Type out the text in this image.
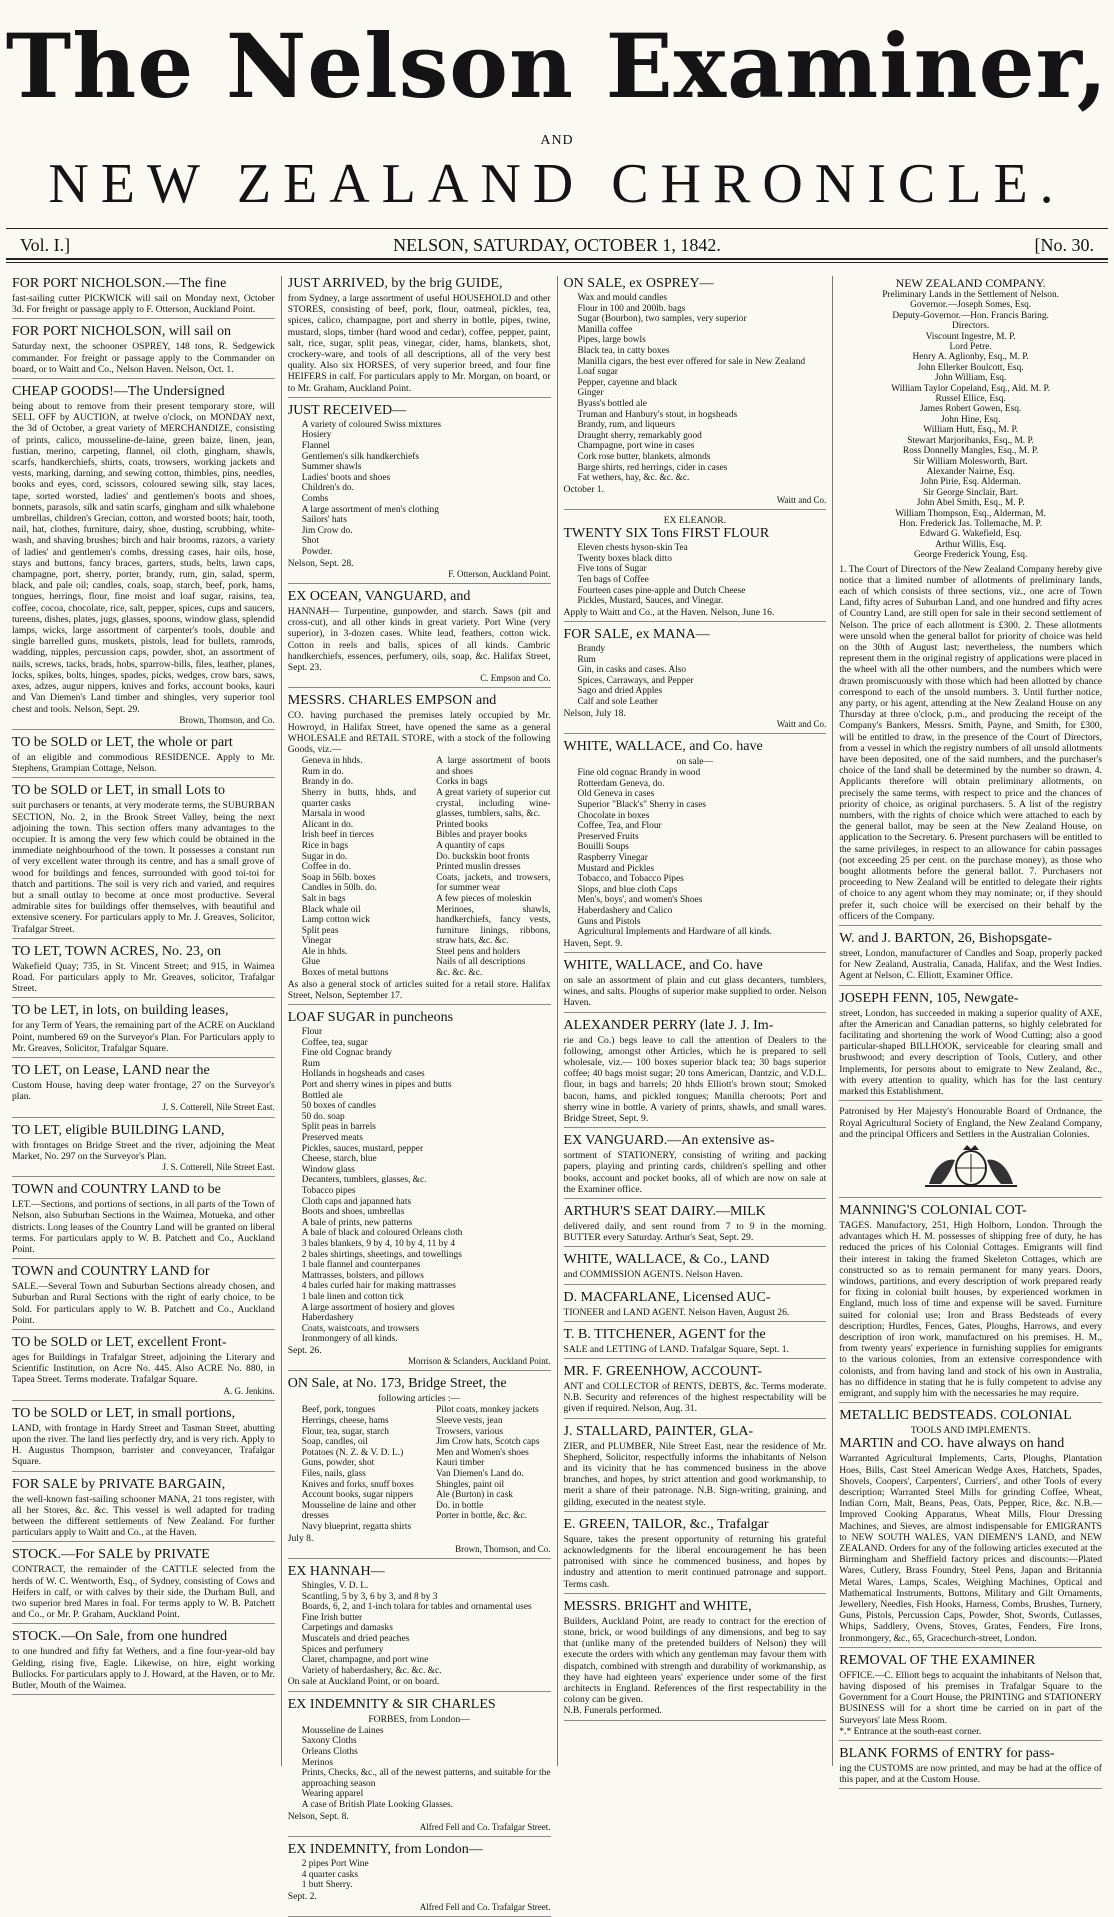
The Nelson Examiner,
AND
NEW ZEALAND CHRONICLE.
Vol. I.]	NELSON, SATURDAY, OCTOBER 1, 1842.	[No. 30.
FOR PORT NICHOLSON.—The fine

fast-sailing cutter PICKWICK will sail on Monday next, October 3d. For freight or passage apply to F. Otterson, Auckland Point.

FOR PORT NICHOLSON, will sail on

Saturday next, the schooner OSPREY, 148 tons, R. Sedgewick commander. For freight or passage apply to the Commander on board, or to Waitt and Co., Nelson Haven. Nelson, Oct. 1.

CHEAP GOODS!—The Undersigned

being about to remove from their present temporary store, will SELL OFF by AUCTION, at twelve o'clock, on MONDAY next, the 3d of October, a great variety of MERCHANDIZE, consisting of prints, calico, mousseline-de-laine, green baize, linen, jean, fustian, merino, carpeting, flannel, oil cloth, gingham, shawls, scarfs, handkerchiefs, shirts, coats, trowsers, working jackets and vests, marking, darning, and sewing cotton, thimbles, pins, needles, books and eyes, cord, scissors, coloured sewing silk, stay laces, tape, sorted worsted, ladies' and gentlemen's boots and shoes, bonnets, parasols, silk and satin scarfs, gingham and silk whalebone umbrellas, children's Grecian, cotton, and worsted boots; hair, tooth, nail, hat, clothes, furniture, dairy, shoe, dusting, scrubbing, white-wash, and shaving brushes; birch and hair brooms, razors, a variety of ladies' and gentlemen's combs, dressing cases, hair oils, hose, stays and buttons, fancy braces, garters, studs, belts, lawn caps, champagne, port, sherry, porter, brandy, rum, gin, salad, sperm, black, and pale oil; candles, coals, soap, starch, beef, pork, hams, tongues, herrings, flour, fine moist and loaf sugar, raisins, tea, coffee, cocoa, chocolate, rice, salt, pepper, spices, cups and saucers, tureens, dishes, plates, jugs, glasses, spoons, window glass, splendid lamps, wicks, large assortment of carpenter's tools, double and single barrelled guns, muskets, pistols, lead for bullets, ramrods, wadding, nipples, percussion caps, powder, shot, an assortment of nails, screws, tacks, brads, hobs, sparrow-bills, files, leather, planes, locks, spikes, bolts, hinges, spades, picks, wedges, crow bars, saws, axes, adzes, augur nippers, knives and forks, account books, kauri and Van Diemen's Land timber and shingles, very superior tool chest and tools. Nelson, Sept. 29.

Brown, Thomson, and Co.

TO be SOLD or LET, the whole or part

of an eligible and commodious RESIDENCE. Apply to Mr. Stephens, Grampian Cottage, Nelson.

TO be SOLD or LET, in small Lots to

suit purchasers or tenants, at very moderate terms, the SUBURBAN SECTION, No. 2, in the Brook Street Valley, being the next adjoining the town. This section offers many advantages to the occupier. It is among the very few which could be obtained in the immediate neighbourhood of the town. It possesses a constant run of very excellent water through its centre, and has a small grove of wood for buildings and fences, surrounded with good toi-toi for thatch and partitions. The soil is very rich and varied, and requires but a small outlay to become at once most productive. Several admirable sites for buildings offer themselves, with beautiful and extensive scenery. For particulars apply to Mr. J. Greaves, Solicitor, Trafalgar Street.

TO LET, TOWN ACRES, No. 23, on

Wakefield Quay; 735, in St. Vincent Street; and 915, in Waimea Road. For particulars apply to Mr. Greaves, solicitor, Trafalgar Street.

TO be LET, in lots, on building leases,

for any Term of Years, the remaining part of the ACRE on Auckland Point, numbered 69 on the Surveyor's Plan. For Particulars apply to Mr. Greaves, Solicitor, Trafalgar Square.

TO LET, on Lease, LAND near the

Custom House, having deep water frontage, 27 on the Surveyor's plan.

J. S. Cotterell, Nile Street East.

TO LET, eligible BUILDING LAND,

with frontages on Bridge Street and the river, adjoining the Meat Market, No. 297 on the Surveyor's Plan.

J. S. Cotterell, Nile Street East.

TOWN and COUNTRY LAND to be

LET.—Sections, and portions of sections, in all parts of the Town of Nelson, also Suburban Sections in the Waimea, Motueka, and other districts. Long leases of the Country Land will be granted on liberal terms. For particulars apply to W. B. Patchett and Co., Auckland Point.

TOWN and COUNTRY LAND for

SALE.—Several Town and Suburban Sections already chosen, and Suburban and Rural Sections with the right of early choice, to be Sold. For particulars apply to W. B. Patchett and Co., Auckland Point.

TO be SOLD or LET, excellent Front-

ages for Buildings in Trafalgar Street, adjoining the Literary and Scientific Institution, on Acre No. 445. Also ACRE No. 880, in Tapea Street. Terms moderate. Trafalgar Square.

A. G. Jenkins.

TO be SOLD or LET, in small portions,

LAND, with frontage in Hardy Street and Tasman Street, abutting upon the river. The land lies perfectly dry, and is very rich. Apply to H. Augustus Thompson, barrister and conveyancer, Trafalgar Square.

FOR SALE by PRIVATE BARGAIN,

the well-known fast-sailing schooner MANA, 21 tons register, with all her Stores, &c. &c. This vessel is well adapted for trading between the different settlements of New Zealand. For further particulars apply to Waitt and Co., at the Haven.

STOCK.—For SALE by PRIVATE

CONTRACT, the remainder of the CATTLE selected from the herds of W. C. Wentworth, Esq., of Sydney, consisting of Cows and Heifers in calf, or with calves by their side, the Durham Bull, and two superior bred Mares in foal. For terms apply to W. B. Patchett and Co., or Mr. P. Graham, Auckland Point.

STOCK.—On Sale, from one hundred

to one hundred and fifty fat Wethers, and a fine four-year-old bay Gelding, rising five, Eagle. Likewise, on hire, eight working Bullocks. For particulars apply to J. Howard, at the Haven, or to Mr. Butler, Mouth of the Waimea.

JUST ARRIVED, by the brig GUIDE,

from Sydney, a large assortment of useful HOUSEHOLD and other STORES, consisting of beef, pork, flour, oatmeal, pickles, tea, spices, calico, champagne, port and sherry in bottle, pipes, twine, mustard, slops, timber (hard wood and cedar), coffee, pepper, paint, salt, rice, sugar, split peas, vinegar, cider, hams, blankets, shot, crockery-ware, and tools of all descriptions, all of the very best quality. Also six HORSES, of very superior breed, and four fine HEIFERS in calf. For particulars apply to Mr. Morgan, on board, or to Mr. Graham, Auckland Point.

JUST RECEIVED—
A variety of coloured Swiss mixtures
Hosiery
Flannel
Gentlemen's silk handkerchiefs
Summer shawls
Ladies' boots and shoes
Children's do.
Combs
A large assortment of men's clothing
Sailors' hats
Jim Crow do.
Shot
Powder.

Nelson, Sept. 28.

F. Otterson, Auckland Point.

EX OCEAN, VANGUARD, and

HANNAH— Turpentine, gunpowder, and starch. Saws (pit and cross-cut), and all other kinds in great variety. Port Wine (very superior), in 3-dozen cases. White lead, feathers, cotton wick. Cotton in reels and balls, spices of all kinds. Cambric handkerchiefs, essences, perfumery, oils, soap, &c. Halifax Street, Sept. 23.

C. Empson and Co.

MESSRS. CHARLES EMPSON and

CO. having purchased the premises lately occupied by Mr. Howroyd, in Halifax Street, have opened the same as a general WHOLESALE and RETAIL STORE, with a stock of the following Goods, viz.—

Geneva in hhds.
Rum in do.
Brandy in do.
Sherry in butts, hhds, and quarter casks
Marsala in wood
Alicant in do.
Irish beef in tierces
Rice in bags
Sugar in do.
Coffee in do.
Soap in 56lb. boxes
Candles in 50lb. do.
Salt in bags
Black whale oil
Lamp cotton wick
Split peas
Vinegar
Ale in hhds.
Glue
Boxes of metal buttons
A large assortment of boots and shoes
Corks in bags
A great variety of superior cut crystal, including wine-glasses, tumblers, salts, &c.
Printed books
Bibles and prayer books
A quantity of caps
Do. buckskin boot fronts
Printed muslin dresses
Coats, jackets, and trowsers, for summer wear
A few pieces of moleskin
Merinoes, shawls, handkerchiefs, fancy vests, furniture linings, ribbons, straw hats, &c. &c.
Steel pens and holders
Nails of all descriptions
&c. &c. &c.

As also a general stock of articles suited for a retail store. Halifax Street, Nelson, September 17.

LOAF SUGAR in puncheons
Flour
Coffee, tea, sugar
Fine old Cognac brandy
Rum
Hollands in hogsheads and cases
Port and sherry wines in pipes and butts
Bottled ale
50 boxes of candles
50 do. soap
Split peas in barrels
Preserved meats
Pickles, sauces, mustard, pepper
Cheese, starch, blue
Window glass
Decanters, tumblers, glasses, &c.
Tobacco pipes
Cloth caps and japanned hats
Boots and shoes, umbrellas
A bale of prints, new patterns
A bale of black and coloured Orleans cloth
3 bales blankets, 9 by 4, 10 by 4, 11 by 4
2 bales shirtings, sheetings, and towellings
1 bale flannel and counterpanes
Mattrasses, bolsters, and pillows
4 bales curled hair for making mattrasses
1 bale linen and cotton tick
A large assortment of hosiery and gloves
Haberdashery
Coats, waistcoats, and trowsers
Ironmongery of all kinds.

Sept. 26.

Morrison & Sclanders, Auckland Point.

ON Sale, at No. 173, Bridge Street, the
following articles :—
Beef, pork, tongues
Herrings, cheese, hams
Flour, tea, sugar, starch
Soap, candles, oil
Potatoes (N. Z. & V. D. L.)
Guns, powder, shot
Files, nails, glass
Knives and forks, snuff boxes
Account books, sugar nippers
Mousseline de laine and other dresses
Navy blueprint, regatta shirts
Pilot coats, monkey jackets
Sleeve vests, jean
Trowsers, various
Jim Crow hats, Scotch caps
Men and Women's shoes
Kauri timber
Van Diemen's Land do.
Shingles, paint oil
Ale (Burton) in cask
Do. in bottle
Porter in bottle, &c. &c.

July 8.

Brown, Thomson, and Co.

EX HANNAH—
Shingles, V. D. L.
Scantling, 5 by 3, 6 by 3, and 8 by 3
Boards, 6, 2, and 1-inch tolara for tables and ornamental uses
Fine Irish butter
Carpetings and damasks
Muscatels and dried peaches
Spices and perfumery
Claret, champagne, and port wine
Variety of haberdashery, &c. &c. &c.

On sale at Auckland Point, or on board.

EX INDEMNITY & SIR CHARLES
FORBES, from London—
Mousseline de Laines
Saxony Cloths
Orleans Cloths
Merinos
Prints, Checks, &c., all of the newest patterns, and suitable for the approaching season
Wearing apparel
A case of British Plate Looking Glasses.

Nelson, Sept. 8.

Alfred Fell and Co. Trafalgar Street.

EX INDEMNITY, from London—
2 pipes Port Wine
4 quarter casks
1 butt Sherry.

Sept. 2.

Alfred Fell and Co. Trafalgar Street.

ON SALE, ex OSPREY—
Wax and mould candles
Flour in 100 and 200lb. bags
Sugar (Bourbon), two samples, very superior
Manilla coffee
Pipes, large bowls
Black tea, in catty boxes
Manilla cigars, the best ever offered for sale in New Zealand
Loaf sugar
Pepper, cayenne and black
Ginger
Byass's bottled ale
Truman and Hanbury's stout, in hogsheads
Brandy, rum, and liqueurs
Draught sherry, remarkably good
Champagne, port wine in cases
Cork rose butter, blankets, almonds
Barge shirts, red herrings, cider in cases
Fat wethers, hay, &c. &c. &c.

October 1.

Waitt and Co.

EX ELEANOR.
TWENTY SIX Tons FIRST FLOUR
Eleven chests hyson-skin Tea
Twenty boxes black ditto
Five tons of Sugar
Ten bags of Coffee
Fourteen cases pine-apple and Dutch Cheese
Pickles, Mustard, Sauces, and Vinegar.

Apply to Waitt and Co., at the Haven. Nelson, June 16.

FOR SALE, ex MANA—
Brandy
Rum
Gin, in casks and cases. Also
Spices, Carraways, and Pepper
Sago and dried Apples
Calf and sole Leather

Nelson, July 18.

Waitt and Co.

WHITE, WALLACE, and Co. have
on sale—
Fine old cognac Brandy in wood
Rotterdam Geneva, do.
Old Geneva in cases
Superior "Black's" Sherry in cases
Chocolate in boxes
Coffee, Tea, and Flour
Preserved Fruits
Bouilli Soups
Raspberry Vinegar
Mustard and Pickles
Tobacco, and Tobacco Pipes
Slops, and blue cloth Caps
Men's, boys', and women's Shoes
Haberdashery and Calico
Guns and Pistols
Agricultural Implements and Hardware of all kinds.

Haven, Sept. 9.

WHITE, WALLACE, and Co. have

on sale an assortment of plain and cut glass decanters, tumblers, wines, and salts. Ploughs of superior make supplied to order. Nelson Haven.

ALEXANDER PERRY (late J. J. Im-

rie and Co.) begs leave to call the attention of Dealers to the following, amongst other Articles, which he is prepared to sell wholesale, viz.— 100 boxes superior black tea; 30 bags superior coffee; 40 bags moist sugar; 20 tons American, Dantzic, and V.D.L. flour, in bags and barrels; 20 hhds Elliott's brown stout; Smoked bacon, hams, and pickled tongues; Manilla cheroots; Port and sherry wine in bottle. A variety of prints, shawls, and small wares. Bridge Street, Sept. 9.

EX VANGUARD.—An extensive as-

sortment of STATIONERY, consisting of writing and packing papers, playing and printing cards, children's spelling and other books, account and pocket books, all of which are now on sale at the Examiner office.

ARTHUR'S SEAT DAIRY.—MILK

delivered daily, and sent round from 7 to 9 in the morning. BUTTER every Saturday. Arthur's Seat, Sept. 29.

WHITE, WALLACE, & Co., LAND

and COMMISSION AGENTS. Nelson Haven.

D. MACFARLANE, Licensed AUC-

TIONEER and LAND AGENT. Nelson Haven, August 26.

T. B. TITCHENER, AGENT for the

SALE and LETTING of LAND. Trafalgar Square, Sept. 1.

MR. F. GREENHOW, ACCOUNT-

ANT and COLLECTOR of RENTS, DEBTS, &c. Terms moderate. N.B. Security and references of the highest respectability will be given if required. Nelson, Aug. 31.

J. STALLARD, PAINTER, GLA-

ZIER, and PLUMBER, Nile Street East, near the residence of Mr. Shepherd, Solicitor, respectfully informs the inhabitants of Nelson and its vicinity that he has commenced business in the above branches, and hopes, by strict attention and good workmanship, to merit a share of their patronage. N.B. Sign-writing, graining, and gilding, executed in the neatest style.

E. GREEN, TAILOR, &c., Trafalgar

Square, takes the present opportunity of returning his grateful acknowledgments for the liberal encouragement he has been patronised with since he commenced business, and hopes by industry and attention to merit continued patronage and support. Terms cash.

MESSRS. BRIGHT and WHITE,

Builders, Auckland Point, are ready to contract for the erection of stone, brick, or wood buildings of any dimensions, and beg to say that (unlike many of the pretended builders of Nelson) they will execute the orders with which any gentleman may favour them with dispatch, combined with strength and durability of workmanship, as they have had eighteen years' experience under some of the first architects in England. References of the first respectability in the colony can be given.

N.B. Funerals performed.

NEW ZEALAND COMPANY.
Preliminary Lands in the Settlement of Nelson.
Governor.—Joseph Somes, Esq.
Deputy-Governor.—Hon. Francis Baring.
Directors.
Viscount Ingestre, M. P.
Lord Petre.
Henry A. Aglionby, Esq., M. P.
John Ellerker Boulcott, Esq.
John William, Esq.
William Taylor Copeland, Esq., Ald. M. P.
Russel Ellice, Esq.
James Robert Gowen, Esq.
John Hine, Esq.
William Hutt, Esq., M. P.
Stewart Marjoribanks, Esq., M. P.
Ross Donnelly Mangles, Esq., M. P.
Sir William Molesworth, Bart.
Alexander Nairne, Esq.
John Pirie, Esq. Alderman.
Sir George Sinclair, Bart.
John Abel Smith, Esq., M. P.
William Thompson, Esq., Alderman, M.
Hon. Frederick Jas. Tollemache, M. P.
Edward G. Wakefield, Esq.
Arthur Willis, Esq.
George Frederick Young, Esq.

1. The Court of Directors of the New Zealand Company hereby give notice that a limited number of allotments of preliminary lands, each of which consists of three sections, viz., one acre of Town Land, fifty acres of Suburban Land, and one hundred and fifty acres of Country Land, are still open for sale in their second settlement of Nelson. The price of each allotment is £300. 2. These allotments were unsold when the general ballot for priority of choice was held on the 30th of August last; nevertheless, the numbers which represent them in the original registry of applications were placed in the wheel with all the other numbers, and the numbers which were drawn promiscuously with those which had been allotted by chance correspond to each of the unsold numbers. 3. Until further notice, any party, or his agent, attending at the New Zealand House on any Thursday at three o'clock, p.m., and producing the receipt of the Company's Bankers, Messrs. Smith, Payne, and Smith, for £300, will be entitled to draw, in the presence of the Court of Directors, from a vessel in which the registry numbers of all unsold allotments have been deposited, one of the said numbers, and the purchaser's choice of the land shall be determined by the number so drawn. 4. Applicants therefore will obtain preliminary allotments, on precisely the same terms, with respect to price and the chances of priority of choice, as original purchasers. 5. A list of the registry numbers, with the rights of choice which were attached to each by the general ballot, may be seen at the New Zealand House, on application to the Secretary. 6. Present purchasers will be entitled to the same privileges, in respect to an allowance for cabin passages (not exceeding 25 per cent. on the purchase money), as those who bought allotments before the general ballot. 7. Purchasers not proceeding to New Zealand will be entitled to delegate their rights of choice to any agent whom they may nominate; or, if they should prefer it, such choice will be exercised on their behalf by the officers of the Company.

W. and J. BARTON, 26, Bishopsgate-

street, London, manufacturer of Candles and Soap, properly packed for New Zealand, Australia, Canada, Halifax, and the West Indies. Agent at Nelson, C. Elliott, Examiner Office.

JOSEPH FENN, 105, Newgate-

street, London, has succeeded in making a superior quality of AXE, after the American and Canadian patterns, so highly celebrated for facilitating and shortening the work of Wood Cutting; also a good particular-shaped BILLHOOK, serviceable for clearing small and brushwood; and every description of Tools, Cutlery, and other Implements, for persons about to emigrate to New Zealand, &c., with every attention to quality, which has for the last century marked this Establishment.

Patronised by Her Majesty's Honourable Board of Ordnance, the Royal Agricultural Society of England, the New Zealand Company, and the principal Officers and Settlers in the Australian Colonies.

MANNING'S COLONIAL COT-

TAGES. Manufactory, 251, High Holborn, London. Through the advantages which H. M. possesses of shipping free of duty, he has reduced the prices of his Colonial Cottages. Emigrants will find their interest in taking the framed Skeleton Cottages, which are constructed so as to remain permanent for many years. Doors, windows, partitions, and every description of work prepared ready for fixing in colonial built houses, by experienced workmen in England, much loss of time and expense will be saved. Furniture suited for colonial use; Iron and Brass Bedsteads of every description; Hurdles, Fences, Gates, Ploughs, Harrows, and every description of iron work, manufactured on his premises. H. M., from twenty years' experience in furnishing supplies for emigrants to the various colonies, from an extensive correspondence with colonists, and from having land and stock of his own in Australia, has no diffidence in stating that he is fully competent to advise any emigrant, and supply him with the necessaries he may require.

METALLIC BEDSTEADS. COLONIAL
TOOLS AND IMPLEMENTS.
MARTIN and CO. have always on hand

Warranted Agricultural Implements, Carts, Ploughs, Plantation Hoes, Bills, Cast Steel American Wedge Axes, Hatchets, Spades, Shovels, Coopers', Carpenters', Curriers', and other Tools of every description; Warranted Steel Mills for grinding Coffee, Wheat, Indian Corn, Malt, Beans, Peas, Oats, Pepper, Rice, &c. N.B.—Improved Cooking Apparatus, Wheat Mills, Flour Dressing Machines, and Sieves, are almost indispensable for EMIGRANTS to NEW SOUTH WALES, VAN DIEMEN'S LAND, and NEW ZEALAND. Orders for any of the following articles executed at the Birmingham and Sheffield factory prices and discounts:—Plated Wares, Cutlery, Brass Foundry, Steel Pens, Japan and Britannia Metal Wares, Lamps, Scales, Weighing Machines, Optical and Mathematical Instruments, Buttons, Military and Gilt Ornaments, Jewellery, Needles, Fish Hooks, Harness, Combs, Brushes, Turnery, Guns, Pistols, Percussion Caps, Powder, Shot, Swords, Cutlasses, Whips, Saddlery, Ovens, Stoves, Grates, Fenders, Fire Irons, Ironmongery, &c., 65, Gracechurch-street, London.

REMOVAL OF THE EXAMINER

OFFICE.—C. Elliott begs to acquaint the inhabitants of Nelson that, having disposed of his premises in Trafalgar Square to the Government for a Court House, the PRINTING and STATIONERY BUSINESS will for a short time be carried on in part of the Surveyors' late Mess Room.

*.* Entrance at the south-east corner.

BLANK FORMS of ENTRY for pass-

ing the CUSTOMS are now printed, and may be had at the office of this paper, and at the Custom House.
